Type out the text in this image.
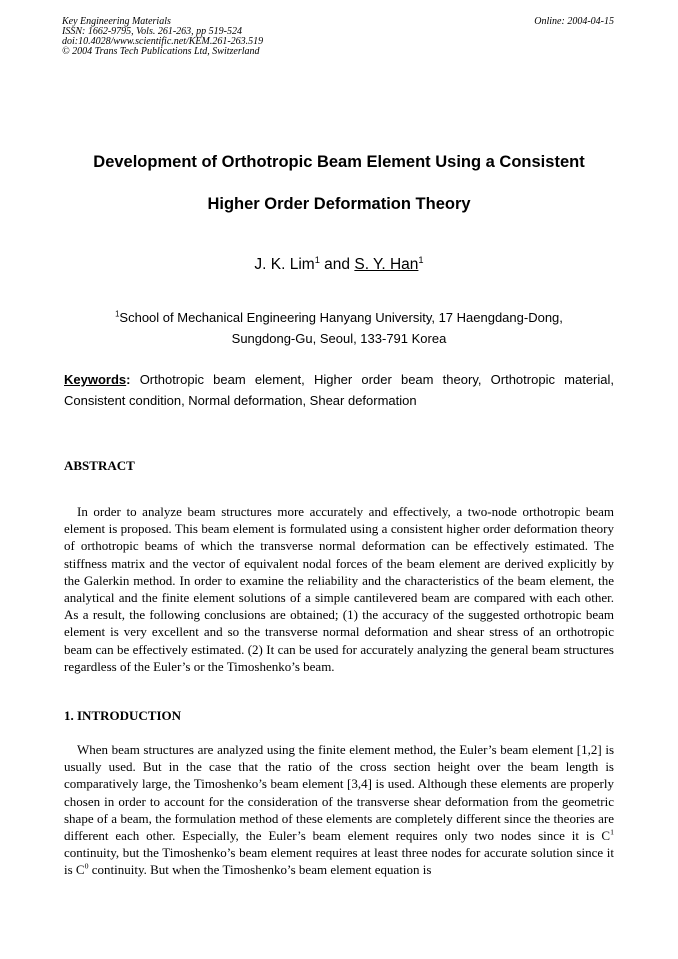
Key Engineering Materials
ISSN: 1662-9795, Vols. 261-263, pp 519-524
doi:10.4028/www.scientific.net/KEM.261-263.519
© 2004 Trans Tech Publications Ltd, Switzerland
Online: 2004-04-15
Development of Orthotropic Beam Element Using a Consistent
Higher Order Deformation Theory
J. K. Lim$^1$ and S. Y. Han$^1$
$^1$School of Mechanical Engineering Hanyang University, 17 Haengdang-Dong,
Sungdong-Gu, Seoul, 133-791 Korea
Keywords: Orthotropic beam element, Higher order beam theory, Orthotropic material, Consistent condition, Normal deformation, Shear deformation
ABSTRACT
In order to analyze beam structures more accurately and effectively, a two-node orthotropic beam element is proposed. This beam element is formulated using a consistent higher order deformation theory of orthotropic beams of which the transverse normal deformation can be effectively estimated. The stiffness matrix and the vector of equivalent nodal forces of the beam element are derived explicitly by the Galerkin method. In order to examine the reliability and the characteristics of the beam element, the analytical and the finite element solutions of a simple cantilevered beam are compared with each other. As a result, the following conclusions are obtained; (1) the accuracy of the suggested orthotropic beam element is very excellent and so the transverse normal deformation and shear stress of an orthotropic beam can be effectively estimated. (2) It can be used for accurately analyzing the general beam structures regardless of the Euler’s or the Timoshenko’s beam.
1. INTRODUCTION
When beam structures are analyzed using the finite element method, the Euler’s beam element [1,2] is usually used. But in the case that the ratio of the cross section height over the beam length is comparatively large, the Timoshenko’s beam element [3,4] is used. Although these elements are properly chosen in order to account for the consideration of the transverse shear deformation from the geometric shape of a beam, the formulation method of these elements are completely different since the theories are different each other. Especially, the Euler’s beam element requires only two nodes since it is $C^1$ continuity, but the Timoshenko’s beam element requires at least three nodes for accurate solution since it is $C^0$ continuity. But when the Timoshenko’s beam element equation is
